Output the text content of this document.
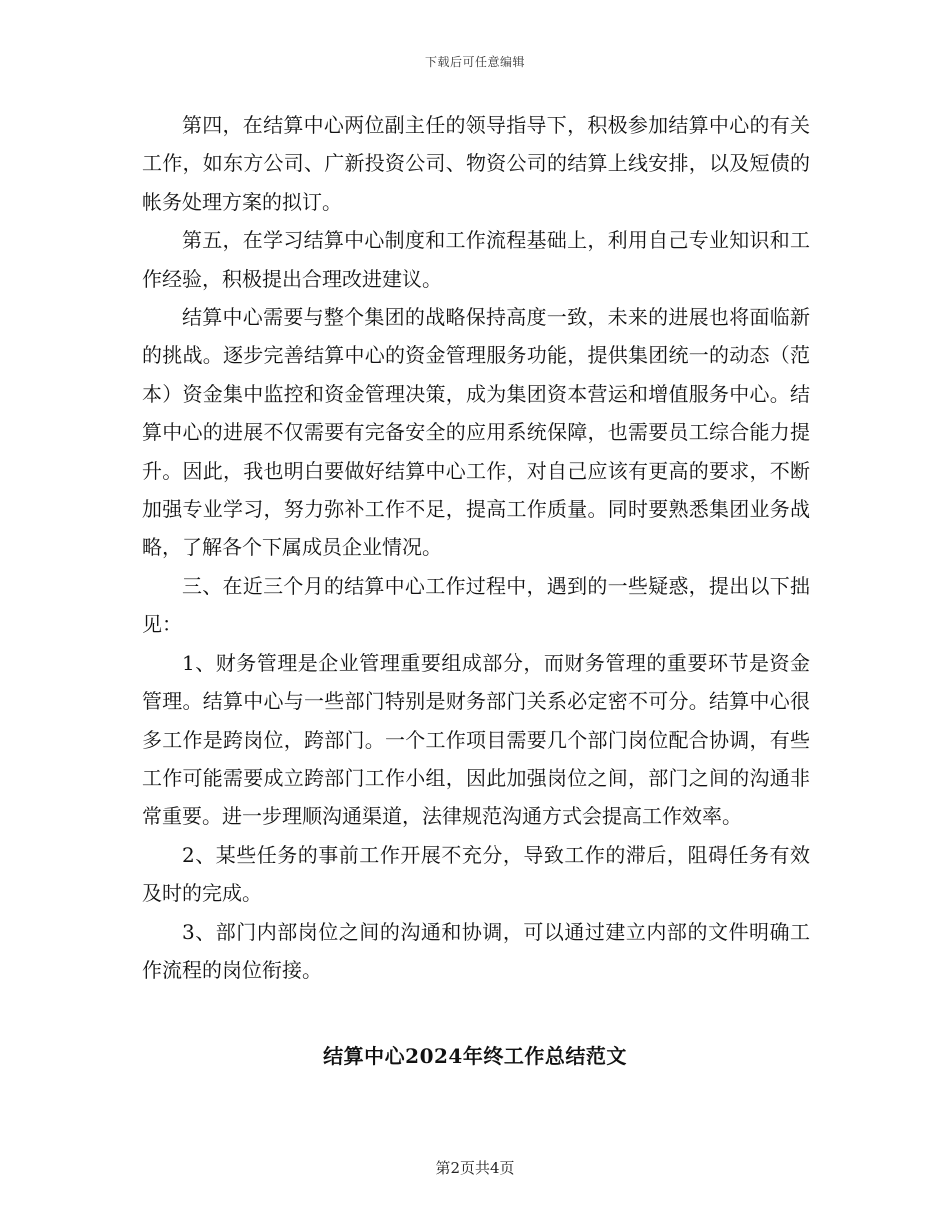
下载后可任意编辑

第四，在结算中心两位副主任的领导指导下，积极参加结算中心的有关工作，如东方公司、广新投资公司、物资公司的结算上线安排，以及短债的帐务处理方案的拟订。

第五，在学习结算中心制度和工作流程基础上，利用自己专业知识和工作经验，积极提出合理改进建议。

结算中心需要与整个集团的战略保持高度一致，未来的进展也将面临新的挑战。逐步完善结算中心的资金管理服务功能，提供集团统一的动态（范本）资金集中监控和资金管理决策，成为集团资本营运和增值服务中心。结算中心的进展不仅需要有完备安全的应用系统保障，也需要员工综合能力提升。因此，我也明白要做好结算中心工作，对自己应该有更高的要求，不断加强专业学习，努力弥补工作不足，提高工作质量。同时要熟悉集团业务战略，了解各个下属成员企业情况。

三、在近三个月的结算中心工作过程中，遇到的一些疑惑，提出以下拙见：

1、财务管理是企业管理重要组成部分，而财务管理的重要环节是资金管理。结算中心与一些部门特别是财务部门关系必定密不可分。结算中心很多工作是跨岗位，跨部门。一个工作项目需要几个部门岗位配合协调，有些工作可能需要成立跨部门工作小组，因此加强岗位之间，部门之间的沟通非常重要。进一步理顺沟通渠道，法律规范沟通方式会提高工作效率。

2、某些任务的事前工作开展不充分，导致工作的滞后，阻碍任务有效及时的完成。

3、部门内部岗位之间的沟通和协调，可以通过建立内部的文件明确工作流程的岗位衔接。

结算中心2024年终工作总结范文
第2页共4页
